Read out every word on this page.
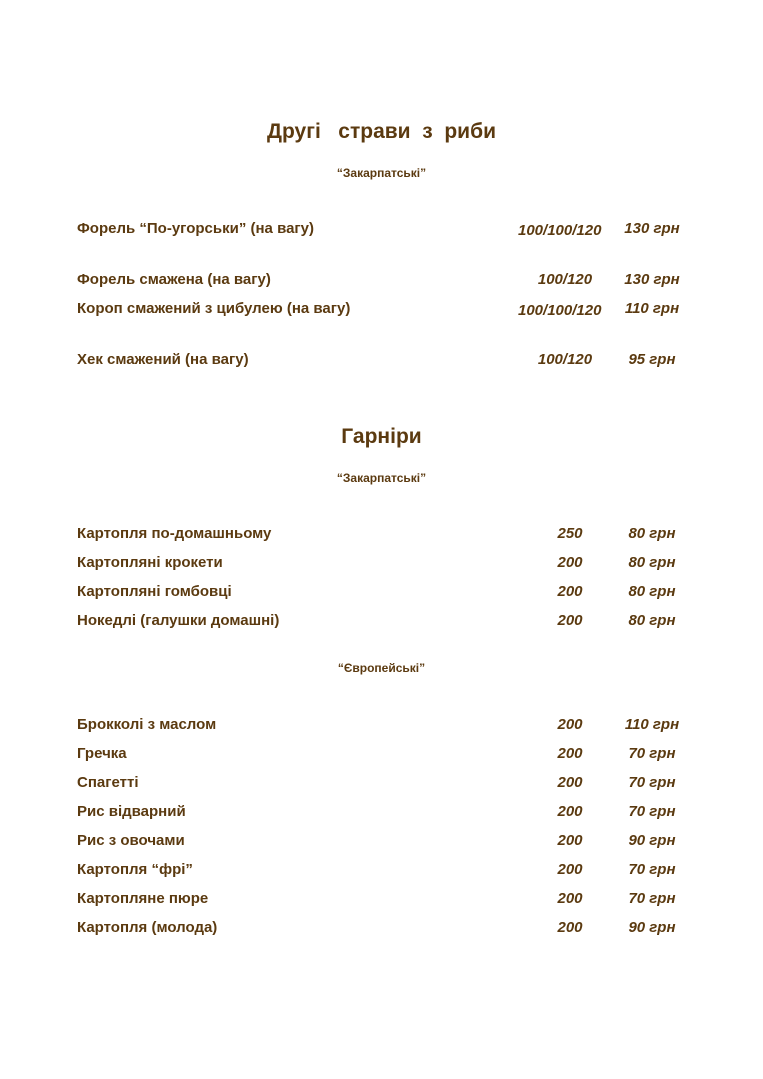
Другі   страви  з  риби
“Закарпатські”
Форель “По-угорськи” (на вагу)	100/100/120	130 грн
Форель смажена (на вагу)	100/120	130 грн
Короп смажений з цибулею (на вагу)	100/100/120	110 грн
Хек смажений (на вагу)	100/120	95 грн
Гарніри
“Закарпатські”
Картопля по-домашньому	250	80 грн
Картопляні крокети	200	80 грн
Картопляні гомбовці	200	80 грн
Нокедлі (галушки домашні)	200	80 грн
“Європейські”
Брокколі з маслом	200	110 грн
Гречка	200	70 грн
Спагетті	200	70 грн
Рис відварний	200	70 грн
Рис з овочами	200	90 грн
Картопля “фрі”	200	70 грн
Картопляне пюре	200	70 грн
Картопля (молода)	200	90 грн
